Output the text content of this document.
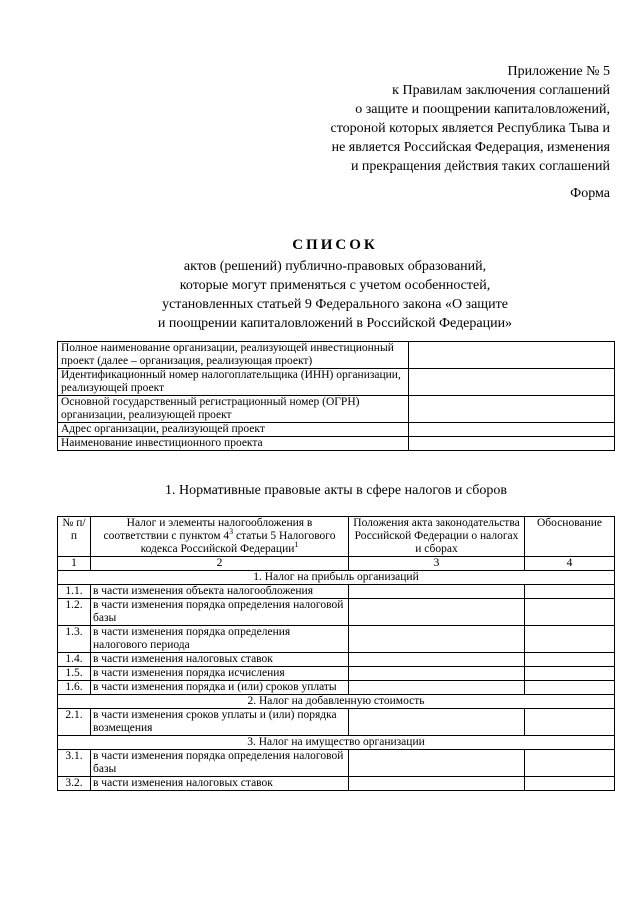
Приложение № 5
к Правилам заключения соглашений
о защите и поощрении капиталовложений,
стороной которых является Республика Тыва и
не является Российская Федерация, изменения
и прекращения действия таких соглашений
Форма
СПИСОК
актов (решений) публично-правовых образований,
которые могут применяться с учетом особенностей,
установленных статьей 9 Федерального закона «О защите
и поощрении капиталовложений в Российской Федерации»
Полное наименование организации, реализующей инвестиционный проект (далее – организация, реализующая проект)	
Идентификационный номер налогоплательщика (ИНН) организации, реализующей проект	
Основной государственный регистрационный номер (ОГРН) организации, реализующей проект	
Адрес организации, реализующей проект	
Наименование инвестиционного проекта	
1. Нормативные правовые акты в сфере налогов и сборов
№ п/п	Налог и элементы налогообложения в соответствии с пунктом $4^3$ статьи 5 Налогового кодекса Российской Федерации$^1$	Положения акта законодательства Российской Федерации о налогах и сборах	Обоснование
1	2	3	4
1. Налог на прибыль организаций			
1.1.	в части изменения объекта налогообложения		
1.2.	в части изменения порядка определения налоговой базы		
1.3.	в части изменения порядка определения налогового периода		
1.4.	в части изменения налоговых ставок		
1.5.	в части изменения порядка исчисления		
1.6.	в части изменения порядка и (или) сроков уплаты		
2. Налог на добавленную стоимость			
2.1.	в части изменения сроков уплаты и (или) порядка возмещения		
3. Налог на имущество организации			
3.1.	в части изменения порядка определения налоговой базы		
3.2.	в части изменения налоговых ставок		
